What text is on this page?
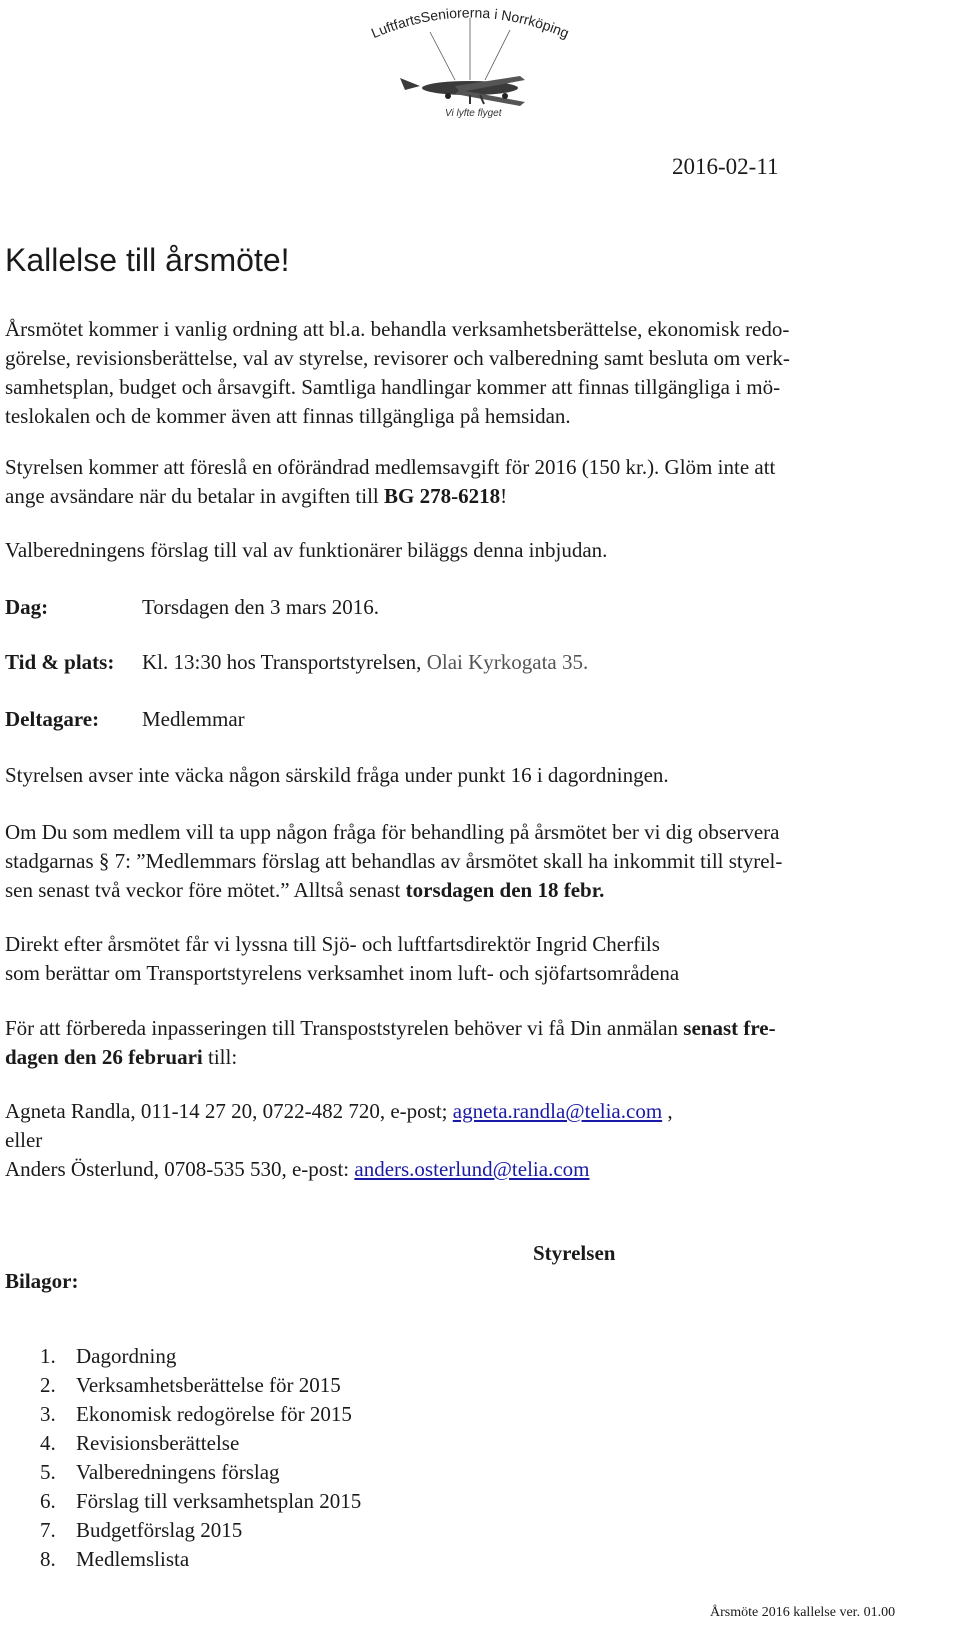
LuftfartsSeniorerna i Norrköping
Vi lyfte flyget
2016-02-11
Kallelse till årsmöte!
Årsmötet kommer i vanlig ordning att bl.a. behandla verksamhetsberättelse, ekonomisk redo-
görelse, revisionsberättelse, val av styrelse, revisorer och valberedning samt besluta om verk-
samhetsplan, budget och årsavgift. Samtliga handlingar kommer att finnas tillgängliga i mö-
teslokalen och de kommer även att finnas tillgängliga på hemsidan.
Styrelsen kommer att föreslå en oförändrad medlemsavgift för 2016 (150 kr.). Glöm inte att
ange avsändare när du betalar in avgiften till BG 278-6218!
Valberedningens förslag till val av funktionärer biläggs denna inbjudan.
Dag:	Torsdagen den 3 mars 2016.
Tid & plats: Kl. 13:30 hos Transportstyrelsen, Olai Kyrkogata 35.
Deltagare: Medlemmar
Styrelsen avser inte väcka någon särskild fråga under punkt 16 i dagordningen.
Om Du som medlem vill ta upp någon fråga för behandling på årsmötet ber vi dig observera
stadgarnas § 7: ”Medlemmars förslag att behandlas av årsmötet skall ha inkommit till styrel-
sen senast två veckor före mötet.” Alltså senast torsdagen den 18 febr.
Direkt efter årsmötet får vi lyssna till Sjö- och luftfartsdirektör Ingrid Cherfils
som berättar om Transportstyrelens verksamhet inom luft- och sjöfartsområdena
För att förbereda inpasseringen till Transpoststyrelen behöver vi få Din anmälan senast fre-
dagen den 26 februari till:
Agneta Randla, 011-14 27 20, 0722-482 720, e-post; agneta.randla@telia.com ,
eller
Anders Österlund, 0708-535 530, e-post: anders.osterlund@telia.com
Styrelsen
Bilagor:
1. Dagordning
2. Verksamhetsberättelse för 2015
3. Ekonomisk redogörelse för 2015
4. Revisionsberättelse
5. Valberedningens förslag
6. Förslag till verksamhetsplan 2015
7. Budgetförslag 2015
8. Medlemslista
Årsmöte 2016 kallelse ver. 01.00
